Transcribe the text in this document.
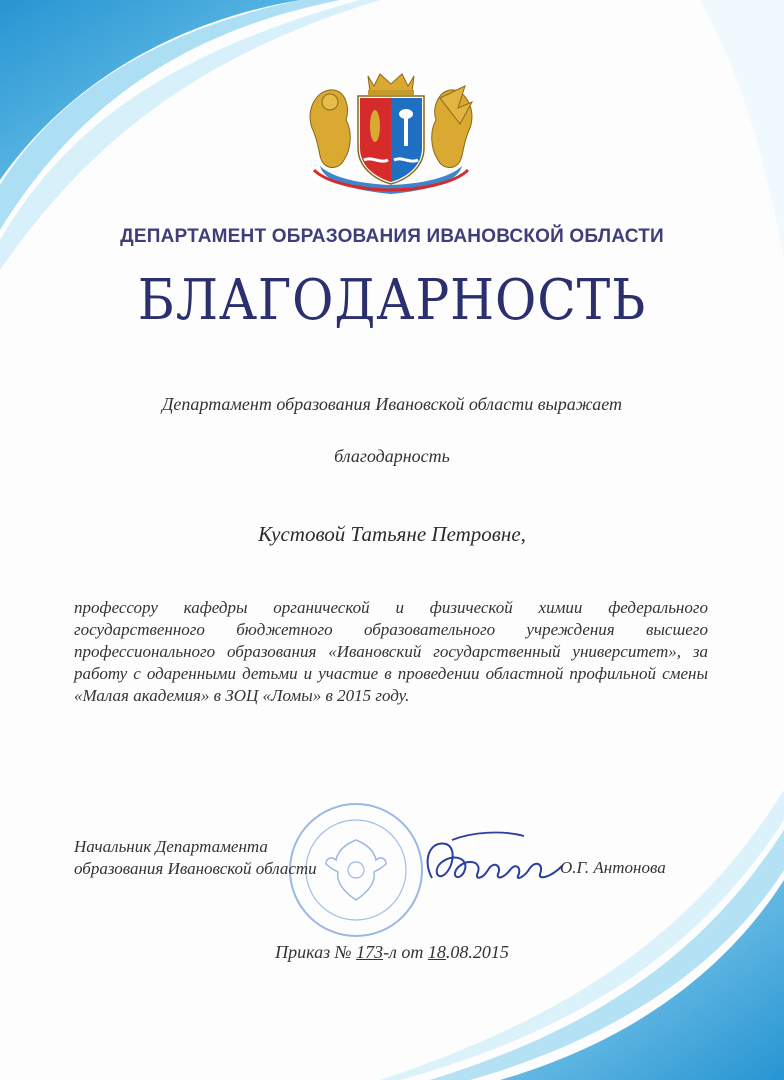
ДЕПАРТАМЕНТ ОБРАЗОВАНИЯ ИВАНОВСКОЙ ОБЛАСТИ
БЛАГОДАРНОСТЬ
Департамент образования Ивановской области выражает
благодарность
Кустовой Татьяне Петровне,
профессору кафедры органической и физической химии федерального государственного бюджетного образовательного учреждения высшего профессионального образования «Ивановский государственный университет», за работу с одаренными детьми и участие в проведении областной профильной смены «Малая академия» в ЗОЦ «Ломы» в 2015 году.
Начальник Департамента
образования Ивановской области	О.Г. Антонова
Приказ № 173-л от 18.08.2015
